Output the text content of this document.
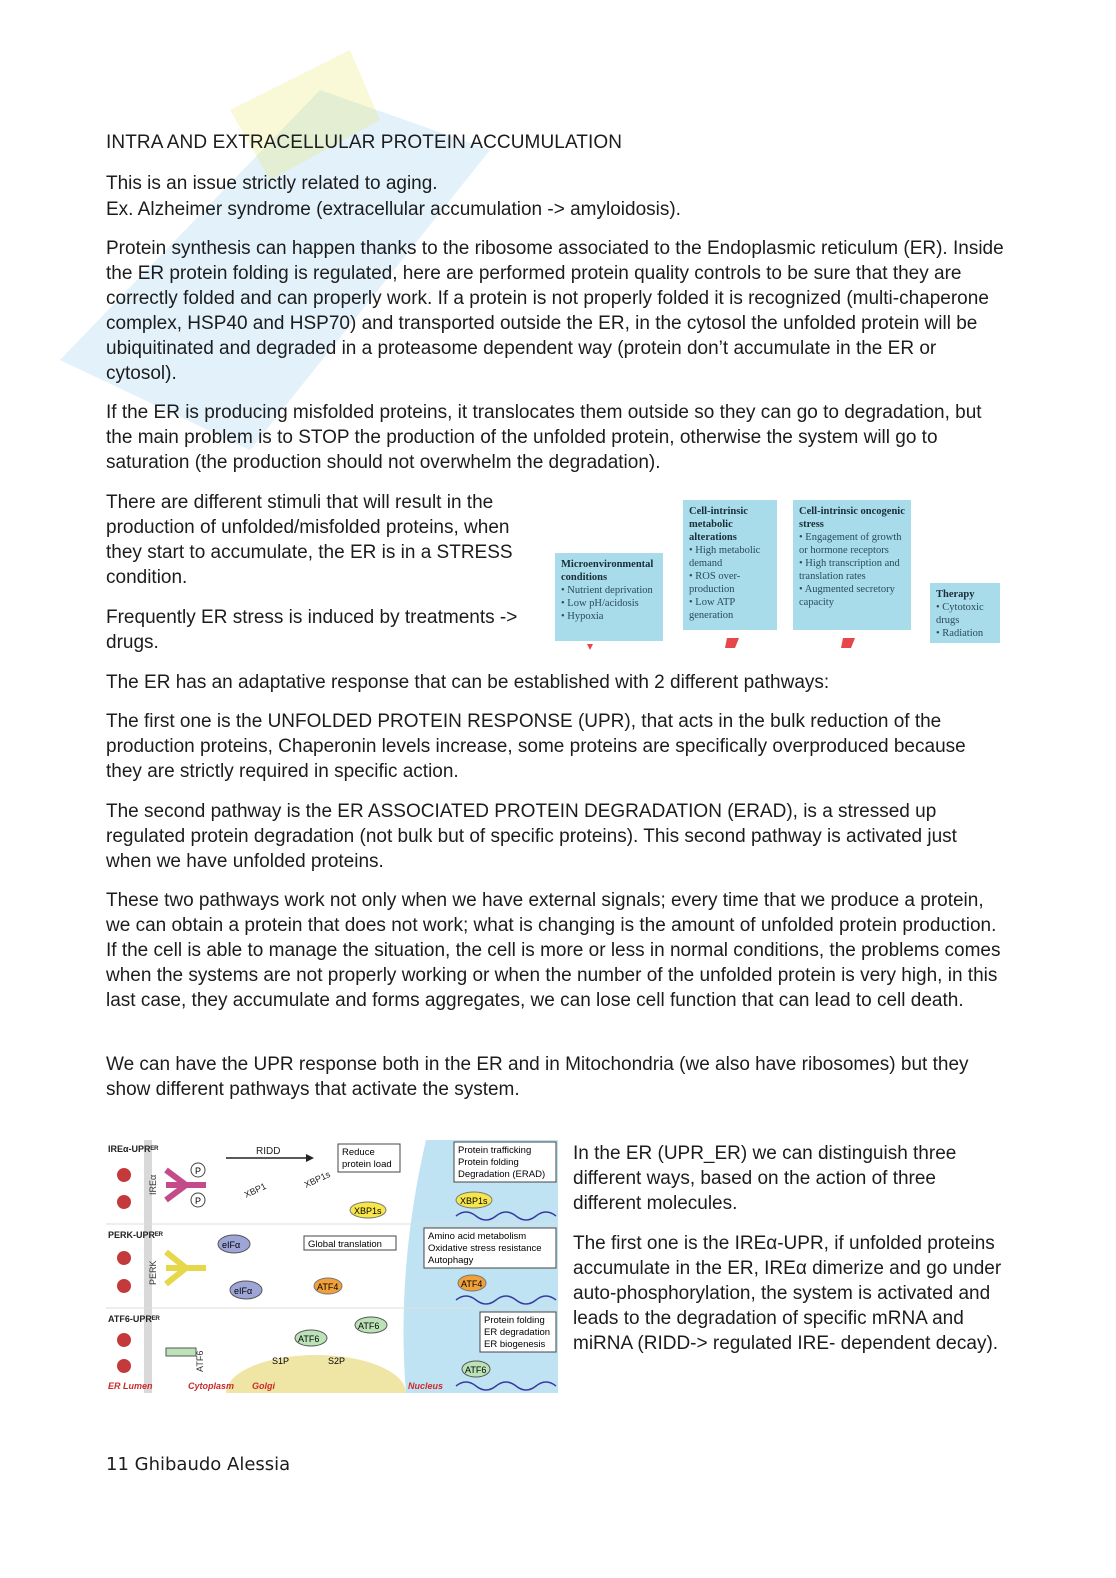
INTRA AND EXTRACELLULAR PROTEIN ACCUMULATION

This is an issue strictly related to aging.

Ex. Alzheimer syndrome (extracellular accumulation -> amyloidosis).

Protein synthesis can happen thanks to the ribosome associated to the Endoplasmic reticulum (ER). Inside the ER protein folding is regulated, here are performed protein quality controls to be sure that they are correctly folded and can properly work. If a protein is not properly folded it is recognized (multi-chaperone complex, HSP40 and HSP70) and transported outside the ER, in the cytosol the unfolded protein will be ubiquitinated and degraded in a proteasome dependent way (protein don’t accumulate in the ER or cytosol).

If the ER is producing misfolded proteins, it translocates them outside so they can go to degradation, but the main problem is to STOP the production of the unfolded protein, otherwise the system will go to saturation (the production should not overwhelm the degradation).

There are different stimuli that will result in the production of unfolded/misfolded proteins, when they start to accumulate, the ER is in a STRESS condition.

Frequently ER stress is induced by treatments -> drugs.

Microenvironmental conditions
• Nutrient deprivation
• Low pH/acidosis
• Hypoxia
Cell-intrinsic metabolic alterations
• High metabolic demand
• ROS over-production
• Low ATP generation
Cell-intrinsic oncogenic stress
• Engagement of growth or hormone receptors
• High transcription and translation rates
• Augmented secretory capacity
Therapy
• Cytotoxic drugs
• Radiation

The ER has an adaptative response that can be established with 2 different pathways:

The first one is the UNFOLDED PROTEIN RESPONSE (UPR), that acts in the bulk reduction of the production proteins, Chaperonin levels increase, some proteins are specifically overproduced because they are strictly required in specific action.

The second pathway is the ER ASSOCIATED PROTEIN DEGRADATION (ERAD), is a stressed up regulated protein degradation (not bulk but of specific proteins). This second pathway is activated just when we have unfolded proteins.

These two pathways work not only when we have external signals; every time that we produce a protein, we can obtain a protein that does not work; what is changing is the amount of unfolded protein production. If the cell is able to manage the situation, the cell is more or less in normal conditions, the problems comes when the systems are not properly working or when the number of the unfolded protein is very high, in this last case, they accumulate and forms aggregates, we can lose cell function that can lead to cell death.

We can have the UPR response both in the ER and in Mitochondria (we also have ribosomes) but they show different pathways that activate the system.

IREα-UPRᴱᴿ
IREα
P
P
RIDD	Reduce
protein load
XBP1
XBP1s
XBP1s
Protein trafficking
Protein folding
Degradation (ERAD)
XBP1s
PERK-UPRᴱᴿ
PERK
eIFα
eIFα
Global translation
ATF4
Amino acid metabolism
Oxidative stress resistance
Autophagy
ATF4
ATF6-UPRᴱᴿ
ATF6
ATF6
ATF6
S1P	S2P
Protein folding
ER degradation
ER biogenesis
ATF6
ER Lumen	Cytoplasm Golgi	Nucleus

In the ER (UPR_ER) we can distinguish three different ways, based on the action of three different molecules.

The first one is the IREα-UPR, if unfolded proteins accumulate in the ER, IREα dimerize and go under auto-phosphorylation, the system is activated and leads to the degradation of specific mRNA and miRNA (RIDD-> regulated IRE- dependent decay).

11 Ghibaudo Alessia
